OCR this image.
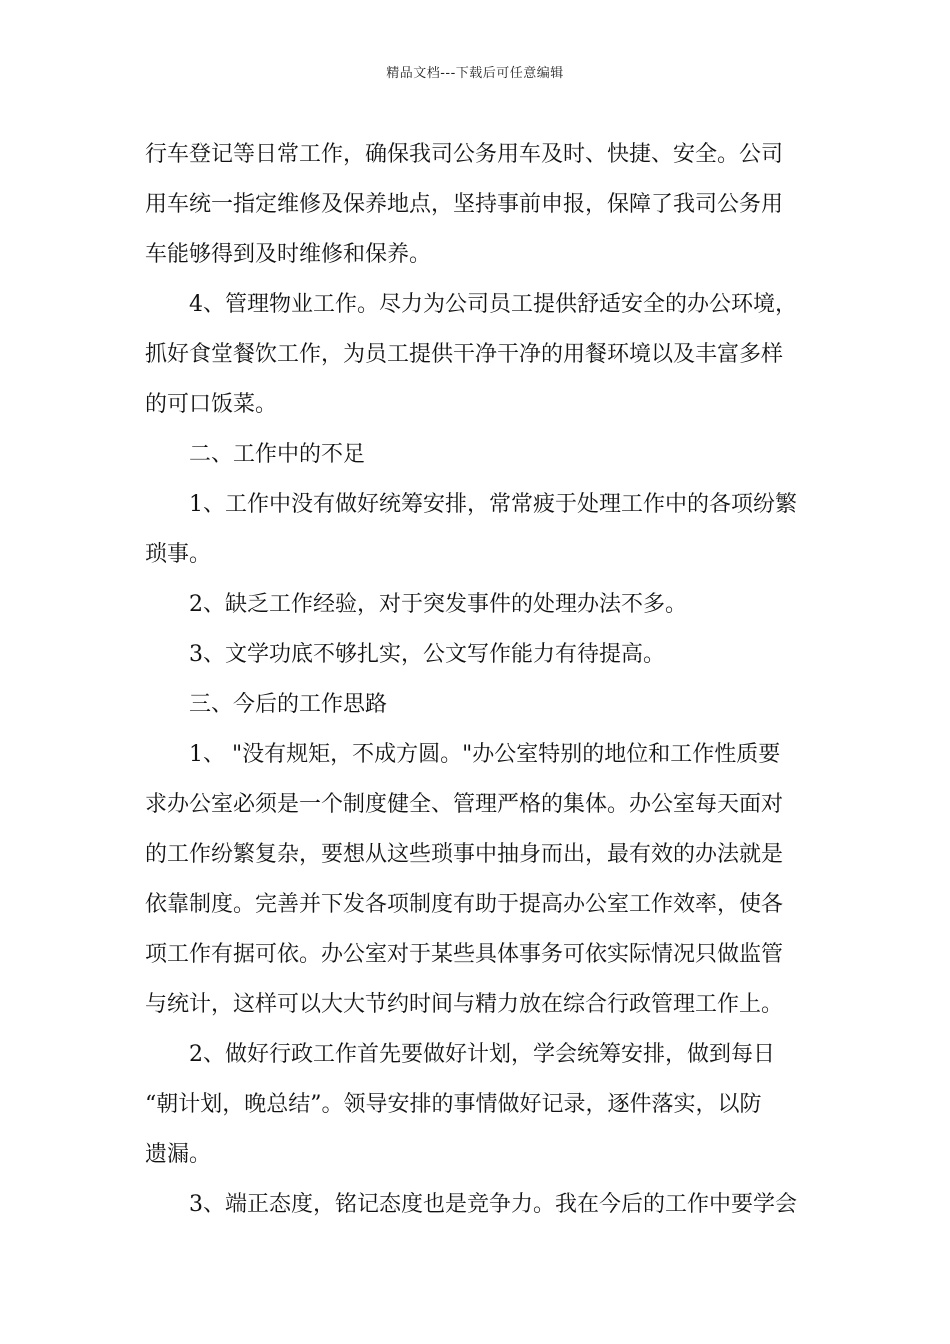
精品文档---下载后可任意编辑
行车登记等日常工作，确保我司公务用车及时、快捷、安全。公司
用车统一指定维修及保养地点，坚持事前申报，保障了我司公务用
车能够得到及时维修和保养。
4、管理物业工作。尽力为公司员工提供舒适安全的办公环境，
抓好食堂餐饮工作，为员工提供干净干净的用餐环境以及丰富多样
的可口饭菜。
二、工作中的不足
1、工作中没有做好统筹安排，常常疲于处理工作中的各项纷繁
琐事。
2、缺乏工作经验，对于突发事件的处理办法不多。
3、文学功底不够扎实，公文写作能力有待提高。
三、今后的工作思路
1、 "没有规矩，不成方圆。"办公室特别的地位和工作性质要
求办公室必须是一个制度健全、管理严格的集体。办公室每天面对
的工作纷繁复杂，要想从这些琐事中抽身而出，最有效的办法就是
依靠制度。完善并下发各项制度有助于提高办公室工作效率，使各
项工作有据可依。办公室对于某些具体事务可依实际情况只做监管
与统计，这样可以大大节约时间与精力放在综合行政管理工作上。
2、做好行政工作首先要做好计划，学会统筹安排，做到每日
“朝计划，晚总结”。领导安排的事情做好记录，逐件落实，以防
遗漏。
3、端正态度，铭记态度也是竞争力。我在今后的工作中要学会
